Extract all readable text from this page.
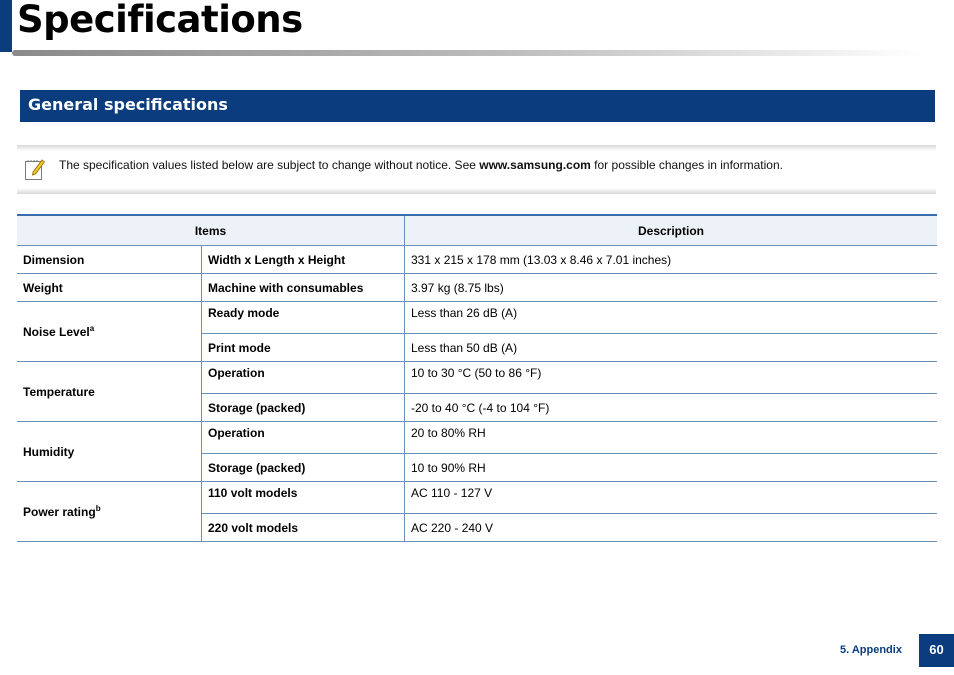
Specifications
General specifications
The specification values listed below are subject to change without notice. See www.samsung.com for possible changes in information.
Items		Description
Dimension	Width x Length x Height	331 x 215 x 178 mm (13.03 x 8.46 x 7.01 inches)
Weight	Machine with consumables	3.97 kg (8.75 lbs)
Noise Level$^a$	Ready mode	Less than 26 dB (A)
	Print mode	Less than 50 dB (A)
Temperature	Operation	10 to 30 °C (50 to 86 °F)
	Storage (packed)	-20 to 40 °C (-4 to 104 °F)
Humidity	Operation	20 to 80% RH
	Storage (packed)	10 to 90% RH
Power rating$^b$	110 volt models	AC 110 - 127 V
	220 volt models	AC 220 - 240 V
5. Appendix	60
